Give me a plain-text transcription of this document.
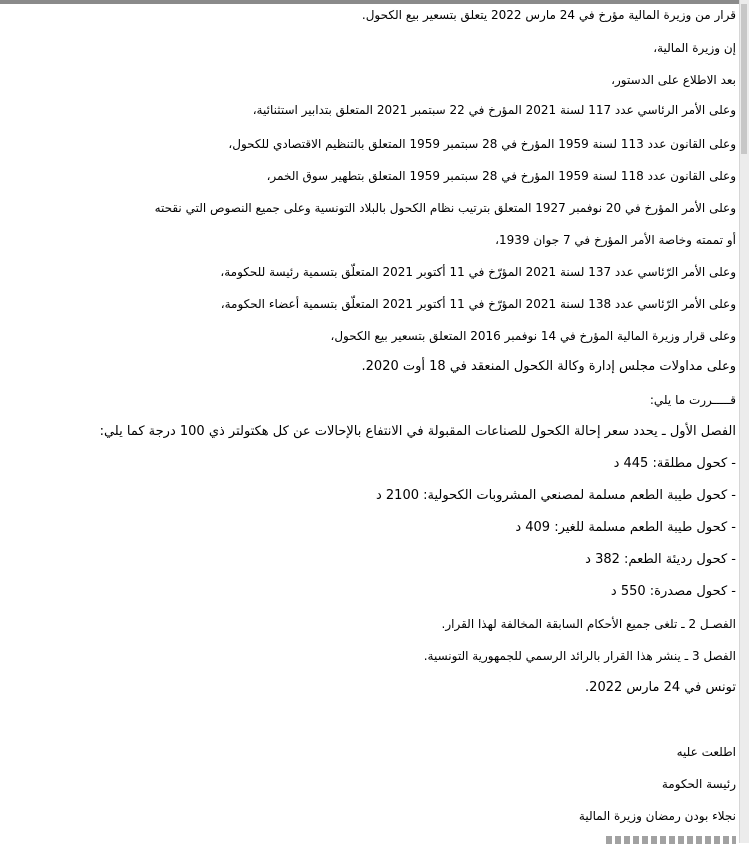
قرار من وزيرة المالية مؤرخ في 24 مارس 2022 يتعلق بتسعير بيع الكحول.
إن وزيرة المالية،
بعد الاطلاع على الدستور،
وعلى الأمر الرئاسي عدد 117 لسنة 2021 المؤرخ في 22 سبتمبر 2021 المتعلق بتدابير استثنائية،
وعلى القانون عدد 113 لسنة 1959 المؤرخ في 28 سبتمبر 1959 المتعلق بالتنظيم الاقتصادي للكحول،
وعلى القانون عدد 118 لسنة 1959 المؤرخ في 28 سبتمبر 1959 المتعلق بتطهير سوق الخمر،
وعلى الأمر المؤرخ في 20 نوفمبر 1927 المتعلق بترتيب نظام الكحول بالبلاد التونسية وعلى جميع النصوص التي نقحته
أو تممته وخاصة الأمر المؤرخ في 7 جوان 1939،
وعلى الأمر الرّئاسي عدد 137 لسنة 2021 المؤرّخ في 11 أكتوبر 2021 المتعلّق بتسمية رئيسة للحكومة،
وعلى الأمر الرّئاسي عدد 138 لسنة 2021 المؤرّخ في 11 أكتوبر 2021 المتعلّق بتسمية أعضاء الحكومة،
وعلى قرار وزيرة المالية المؤرخ في 14 نوفمبر 2016 المتعلق بتسعير بيع الكحول،
وعلى مداولات مجلس إدارة وكالة الكحول المنعقد في 18 أوت 2020.
قـــــررت ما يلي:
الفصل الأول ـ يحدد سعر إحالة الكحول للصناعات المقبولة في الانتفاع بالإحالات عن كل هكتولتر ذي 100 درجة كما يلي:
- كحول مطلقة: 445 د
- كحول طيبة الطعم مسلمة لمصنعي المشروبات الكحولية: 2100 د
- كحول طيبة الطعم مسلمة للغير: 409 د
- كحول رديئة الطعم: 382 د
- كحول مصدرة: 550 د
الفصـل 2 ـ تلغى جميع الأحكام السابقة المخالفة لهذا القرار.
الفصل 3 ـ ينشر هذا القرار بالرائد الرسمي للجمهورية التونسية.
تونس في 24 مارس 2022.
اطلعت عليه
رئيسة الحكومة
نجلاء بودن رمضان وزيرة المالية
